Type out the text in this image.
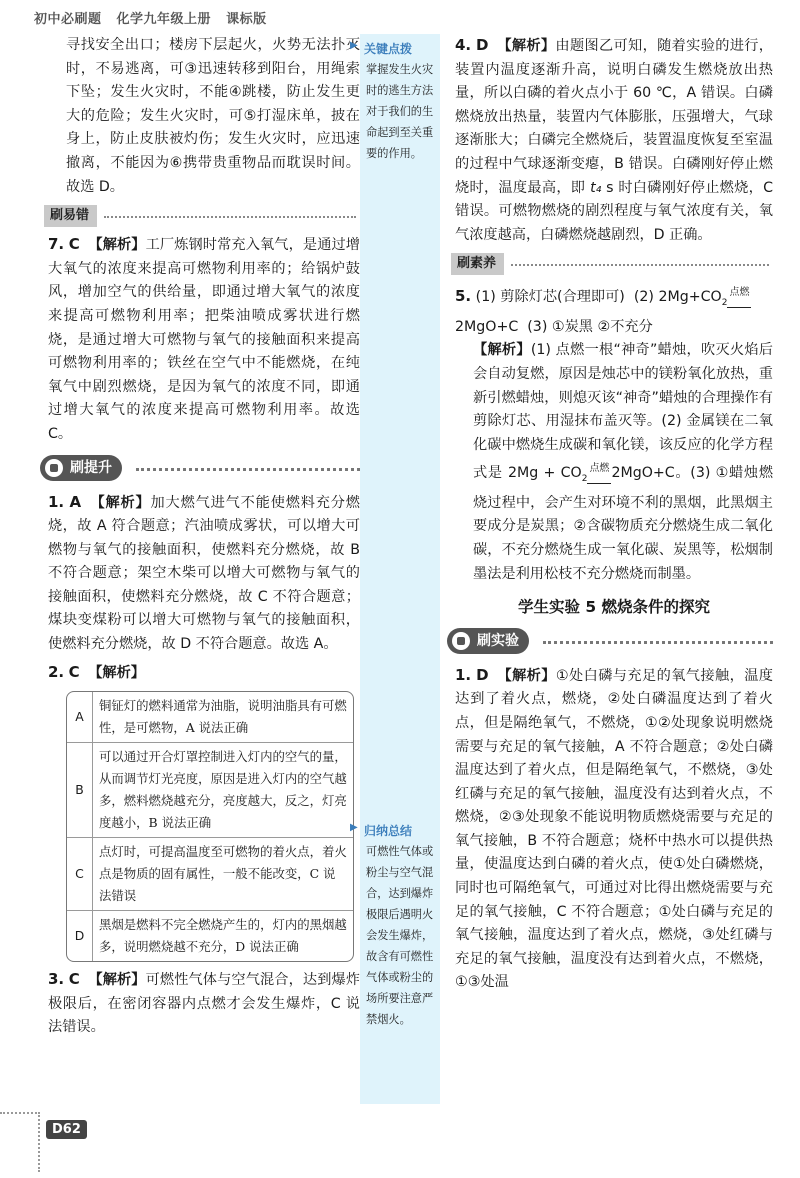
初中必刷题 化学九年级上册 课标版

寻找安全出口；楼房下层起火，火势无法扑灭时，不易逃离，可③迅速转移到阳台，用绳索下坠；发生火灾时，不能④跳楼，防止发生更大的危险；发生火灾时，可⑤打湿床单，披在身上，防止皮肤被灼伤；发生火灾时，应迅速撤离，不能因为⑥携带贵重物品而耽误时间。故选 D。

刷易错

7. C 【解析】工厂炼钢时常充入氧气，是通过增大氧气的浓度来提高可燃物利用率的；给锅炉鼓风，增加空气的供给量，即通过增大氧气的浓度来提高可燃物利用率；把柴油喷成雾状进行燃烧，是通过增大可燃物与氧气的接触面积来提高可燃物利用率的；铁丝在空气中不能燃烧，在纯氧气中剧烈燃烧，是因为氧气的浓度不同，即通过增大氧气的浓度来提高可燃物利用率。故选 C。

刷提升

1. A 【解析】加大燃气进气不能使燃料充分燃烧，故 A 符合题意；汽油喷成雾状，可以增大可燃物与氧气的接触面积，使燃料充分燃烧，故 B 不符合题意；架空木柴可以增大可燃物与氧气的接触面积，使燃料充分燃烧，故 C 不符合题意；煤块变煤粉可以增大可燃物与氧气的接触面积，使燃料充分燃烧，故 D 不符合题意。故选 A。

2. C 【解析】

A	铜钲灯的燃料通常为油脂，说明油脂具有可燃性，是可燃物，A 说法正确
B	可以通过开合灯罩控制进入灯内的空气的量，从而调节灯光亮度，原因是进入灯内的空气越多，燃料燃烧越充分，亮度越大，反之，灯亮度越小，B 说法正确
C	点灯时，可提高温度至可燃物的着火点，着火点是物质的固有属性，一般不能改变，C 说法错误
D	黑烟是燃料不完全燃烧产生的，灯内的黑烟越多，说明燃烧越不充分，D 说法正确

3. C 【解析】可燃性气体与空气混合，达到爆炸极限后，在密闭容器内点燃才会发生爆炸，C 说法错误。

▶ 关键点拨
掌握发生火灾时的逃生方法对于我们的生命起到至关重要的作用。
▶ 归纳总结
可燃性气体或粉尘与空气混合，达到爆炸极限后遇明火会发生爆炸，故含有可燃性气体或粉尘的场所要注意严禁烟火。

4. D 【解析】由题图乙可知，随着实验的进行，装置内温度逐渐升高，说明白磷发生燃烧放出热量，所以白磷的着火点小于 60 ℃，A 错误。白磷燃烧放出热量，装置内气体膨胀，压强增大，气球逐渐胀大；白磷完全燃烧后，装置温度恢复至室温的过程中气球逐渐变瘪，B 错误。白磷刚好停止燃烧时，温度最高，即 t₄ s 时白磷刚好停止燃烧，C 错误。可燃物燃烧的剧烈程度与氧气浓度有关，氧气浓度越高，白磷燃烧越剧烈，D 正确。

刷素养

5. (1) 剪除灯芯(合理即可) (2) $2Mg+CO_2$点燃
2MgO+C (3) ①炭黑 ②不充分

【解析】(1) 点燃一根“神奇”蜡烛，吹灭火焰后会自动复燃，原因是烛芯中的镁粉氧化放热，重新引燃蜡烛，则熄灭该“神奇”蜡烛的合理操作有剪除灯芯、用湿抹布盖灭等。(2) 金属镁在二氧化碳中燃烧生成碳和氧化镁，该反应的化学方程式是 $2Mg + CO_2$点燃 2MgO+C。(3) ①蜡烛燃烧过程中，会产生对环境不利的黑烟，此黑烟主要成分是炭黑；②含碳物质充分燃烧生成二氧化碳，不充分燃烧生成一氧化碳、炭黑等，松烟制墨法是利用松枝不充分燃烧而制墨。

学生实验 5 燃烧条件的探究
刷实验

1. D 【解析】①处白磷与充足的氧气接触，温度达到了着火点，燃烧，②处白磷温度达到了着火点，但是隔绝氧气，不燃烧，①②处现象说明燃烧需要与充足的氧气接触，A 不符合题意；②处白磷温度达到了着火点，但是隔绝氧气，不燃烧，③处红磷与充足的氧气接触，温度没有达到着火点，不燃烧，②③处现象不能说明物质燃烧需要与充足的氧气接触，B 不符合题意；烧杯中热水可以提供热量，使温度达到白磷的着火点，使①处白磷燃烧，同时也可隔绝氧气，可通过对比得出燃烧需要与充足的氧气接触，C 不符合题意；①处白磷与充足的氧气接触，温度达到了着火点，燃烧，③处红磷与充足的氧气接触，温度没有达到着火点，不燃烧，①③处温

D62
